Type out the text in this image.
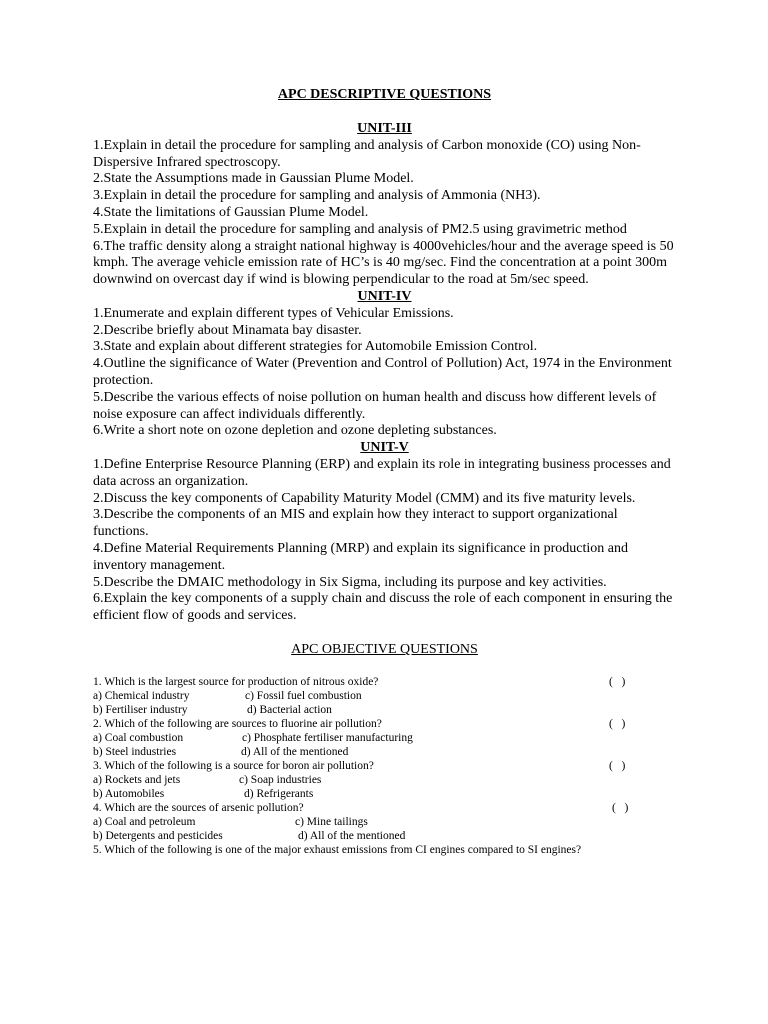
APC DESCRIPTIVE QUESTIONS
UNIT-III
1.Explain in detail the procedure for sampling and analysis of Carbon monoxide (CO) using Non-Dispersive Infrared spectroscopy.
2.State the Assumptions made in Gaussian Plume Model.
3.Explain in detail the procedure for sampling and analysis of Ammonia (NH3).
4.State the limitations of Gaussian Plume Model.
5.Explain in detail the procedure for sampling and analysis of PM2.5 using gravimetric method
6.The traffic density along a straight national highway is 4000vehicles/hour and the average speed is 50 kmph. The average vehicle emission rate of HC’s is 40 mg/sec. Find the concentration at a point 300m downwind on overcast day if wind is blowing perpendicular to the road at 5m/sec speed.
UNIT-IV
1.Enumerate and explain different types of Vehicular Emissions.
2.Describe briefly about Minamata bay disaster.
3.State and explain about different strategies for Automobile Emission Control.
4.Outline the significance of Water (Prevention and Control of Pollution) Act, 1974 in the Environment protection.
5.Describe the various effects of noise pollution on human health and discuss how different levels of noise exposure can affect individuals differently.
6.Write a short note on ozone depletion and ozone depleting substances.
UNIT-V
1.Define Enterprise Resource Planning (ERP) and explain its role in integrating business processes and data across an organization.
2.Discuss the key components of Capability Maturity Model (CMM) and its five maturity levels.
3.Describe the components of an MIS and explain how they interact to support organizational functions.
4.Define Material Requirements Planning (MRP) and explain its significance in production and inventory management.
5.Describe the DMAIC methodology in Six Sigma, including its purpose and key activities.
6.Explain the key components of a supply chain and discuss the role of each component in ensuring the efficient flow of goods and services.
APC OBJECTIVE QUESTIONS
1. Which is the largest source for production of nitrous oxide?	(   )
a) Chemical industry	c) Fossil fuel combustion
b) Fertiliser industry	d) Bacterial action
2. Which of the following are sources to fluorine air pollution?	(   )
a) Coal combustion	c) Phosphate fertiliser manufacturing
b) Steel industries	d) All of the mentioned
3. Which of the following is a source for boron air pollution?	(   )
a) Rockets and jets	c) Soap industries
b) Automobiles	d) Refrigerants
4. Which are the sources of arsenic pollution?	(   )
a) Coal and petroleum	c) Mine tailings
b) Detergents and pesticides	d) All of the mentioned
5. Which of the following is one of the major exhaust emissions from CI engines compared to SI engines?
